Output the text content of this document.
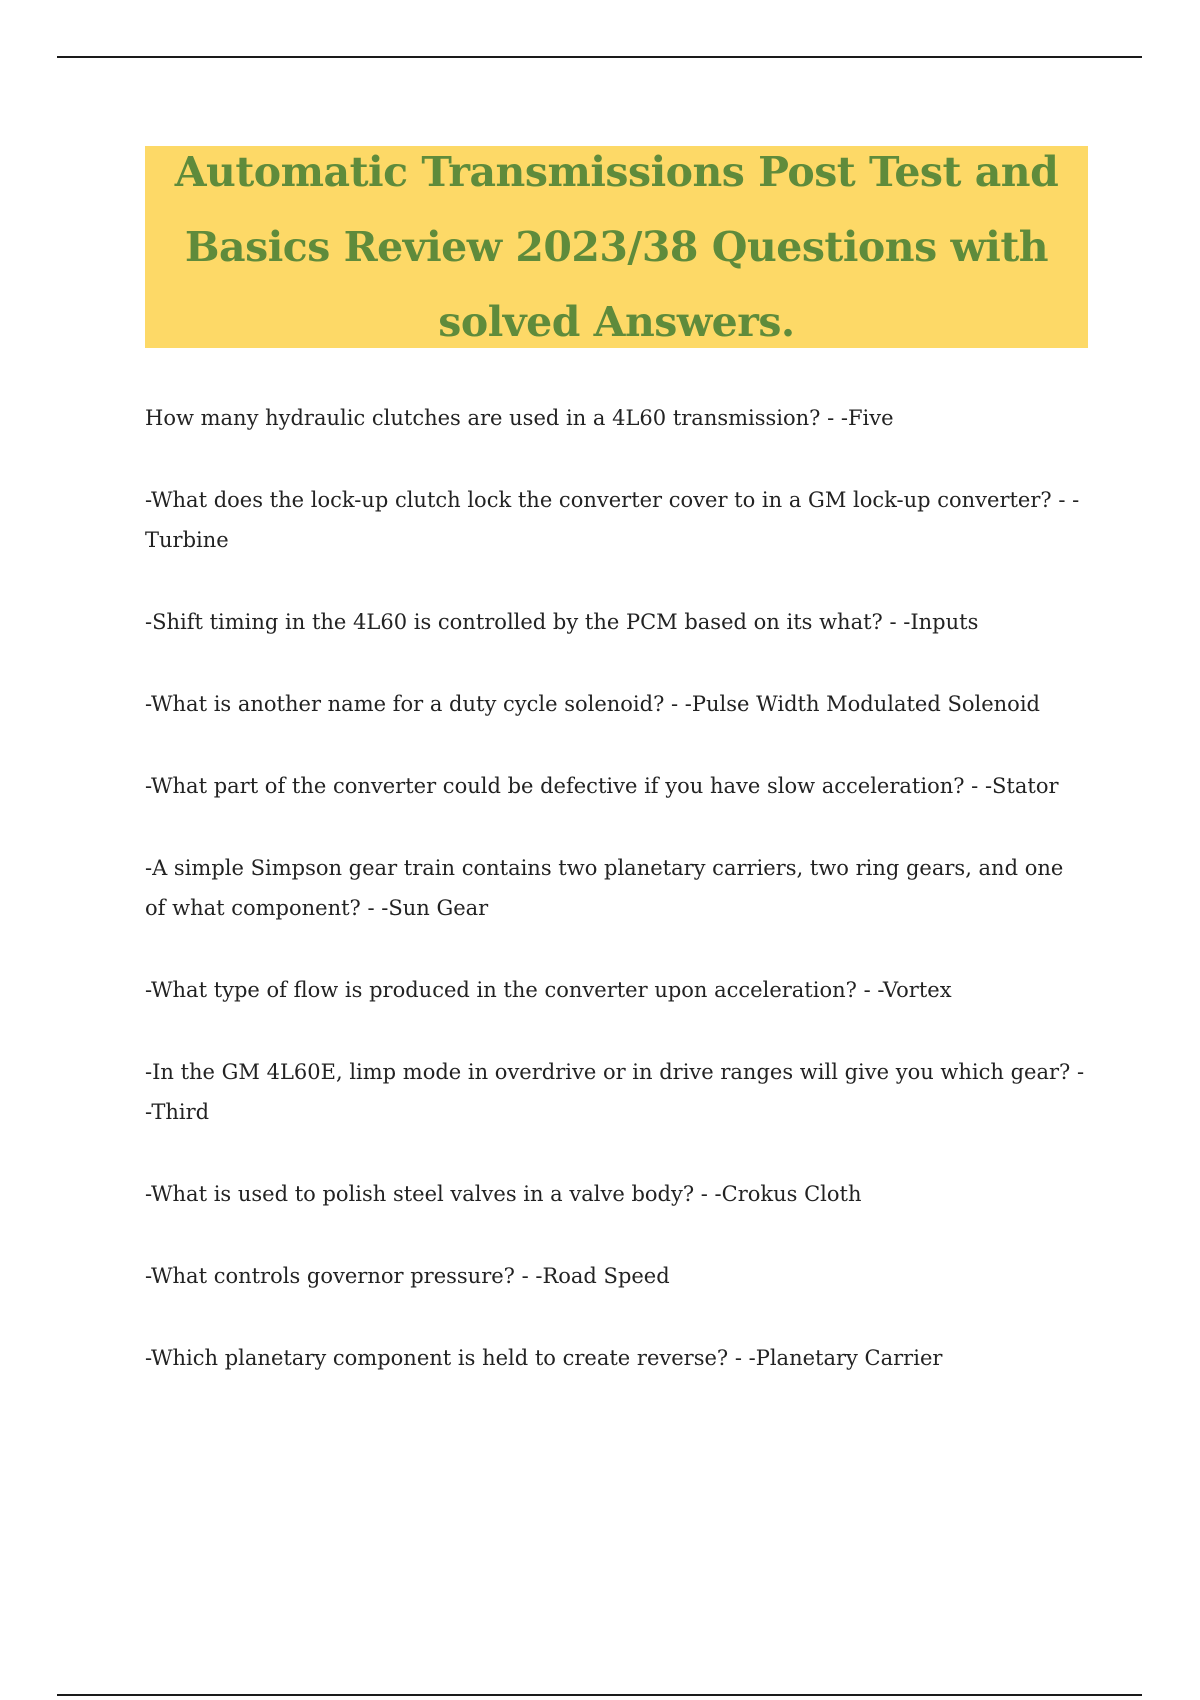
Automatic Transmissions Post Test and Basics Review 2023/38 Questions with solved Answers.
How many hydraulic clutches are used in a 4L60 transmission? - -Five
-What does the lock-up clutch lock the converter cover to in a GM lock-up converter? - -Turbine
-Shift timing in the 4L60 is controlled by the PCM based on its what? - -Inputs
-What is another name for a duty cycle solenoid? - -Pulse Width Modulated Solenoid
-What part of the converter could be defective if you have slow acceleration? - -Stator
-A simple Simpson gear train contains two planetary carriers, two ring gears, and one of what component? - -Sun Gear
-What type of flow is produced in the converter upon acceleration? - -Vortex
-In the GM 4L60E, limp mode in overdrive or in drive ranges will give you which gear? - -Third
-What is used to polish steel valves in a valve body? - -Crokus Cloth
-What controls governor pressure? - -Road Speed
-Which planetary component is held to create reverse? - -Planetary Carrier
